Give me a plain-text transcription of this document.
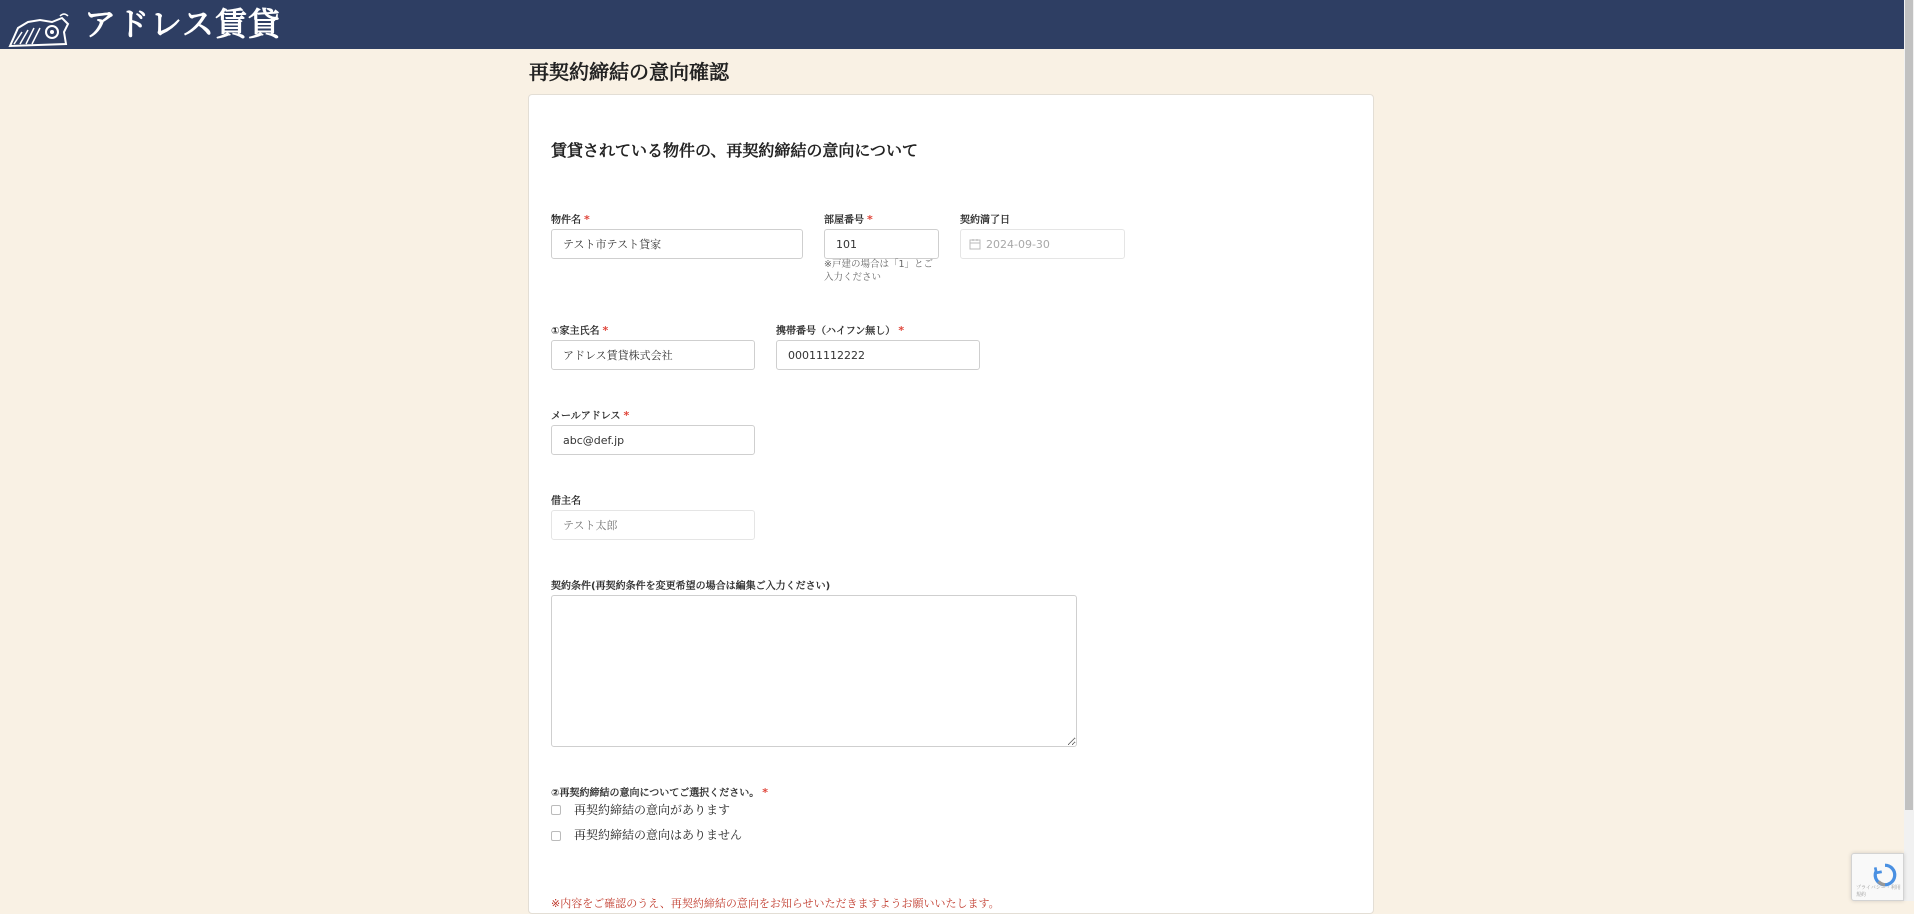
アドレス賃貸
再契約締結の意向確認
賃貸されている物件の、再契約締結の意向について
物件名 *
テスト市テスト貸家	部屋番号 *
101
※戸建の場合は「1」とご入力ください
契約満了日
2024-09-30
①家主氏名 *
アドレス賃貸株式会社	携帯番号（ハイフン無し） *
00011112222
メールアドレス *
abc@def.jp
借主名
テスト太郎
契約条件(再契約条件を変更希望の場合は編集ご入力ください)
②再契約締結の意向についてご選択ください。 *
再契約締結の意向があります
再契約締結の意向はありません
※内容をご確認のうえ、再契約締結の意向をお知らせいただきますようお願いいたします。
プライバシー・利用規約
